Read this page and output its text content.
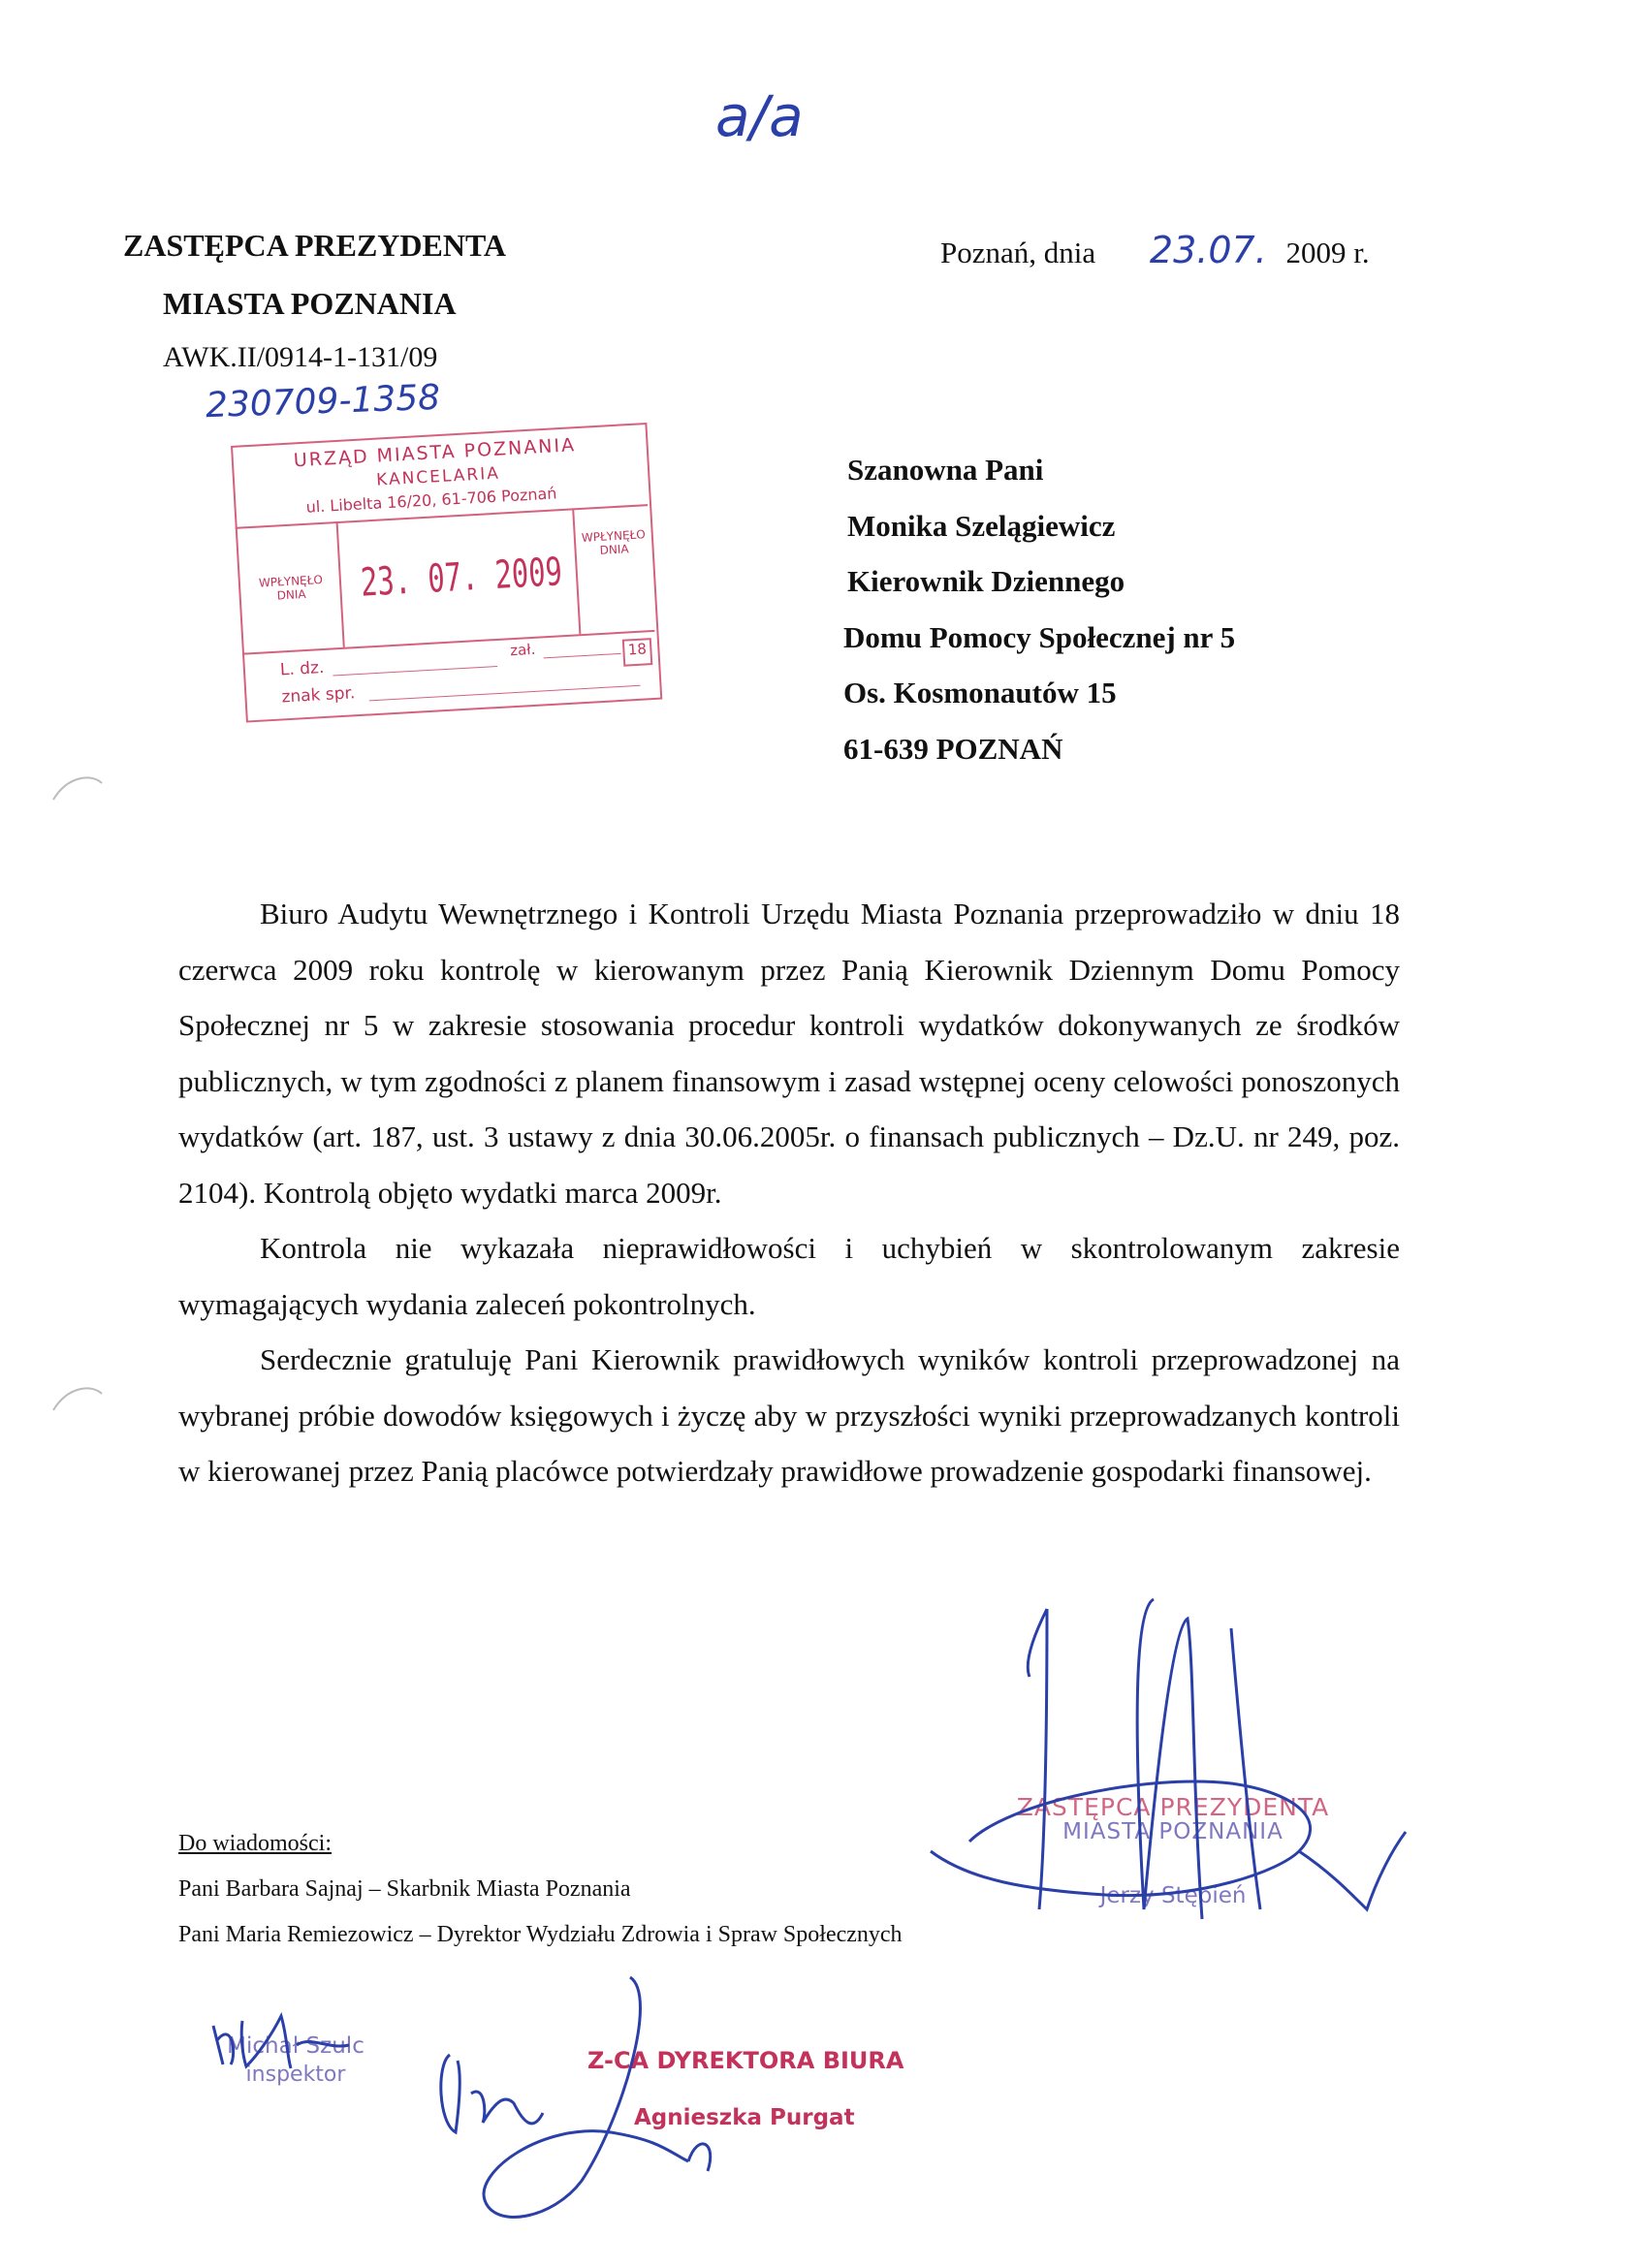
a/a
ZASTĘPCA PREZYDENTA
MIASTA POZNANIA
AWK.II/0914-1-131/09
230709-1358
Poznań, dnia 23.07. 2009 r.
URZĄD MIASTA POZNANIA
KANCELARIA
ul. Libelta 16/20, 61-706 Poznań
WPŁYNĘŁO DNIA	23. 07. 2009
WPŁYNĘŁO DNIA
L. dz.
zał.	18
znak spr.
Szanowna Pani
Monika Szelągiewicz
Kierownik Dziennego
Domu Pomocy Społecznej nr 5
Os. Kosmonautów 15
61-639 POZNAŃ

Biuro Audytu Wewnętrznego i Kontroli Urzędu Miasta Poznania przeprowadziło w dniu 18 czerwca 2009 roku kontrolę w kierowanym przez Panią Kierownik Dziennym Domu Pomocy Społecznej nr 5 w zakresie stosowania procedur kontroli wydatków dokonywanych ze środków publicznych, w tym zgodności z planem finansowym i zasad wstępnej oceny celowości ponoszonych wydatków (art. 187, ust. 3 ustawy z dnia 30.06.2005r. o finansach publicznych – Dz.U. nr 249, poz. 2104). Kontrolą objęto wydatki marca 2009r.

Kontrola nie wykazała nieprawidłowości i uchybień w skontrolowanym zakresie wymagających wydania zaleceń pokontrolnych.

Serdecznie gratuluję Pani Kierownik prawidłowych wyników kontroli przeprowadzonej na wybranej próbie dowodów księgowych i życzę aby w przyszłości wyniki przeprowadzanych kontroli w kierowanej przez Panią placówce potwierdzały prawidłowe prowadzenie gospodarki finansowej.

ZASTĘPCA PREZYDENTA
MIASTA POZNANIA
Jerzy Stępień
Do wiadomości:
Pani Barbara Sajnaj – Skarbnik Miasta Poznania
Pani Maria Remiezowicz – Dyrektor Wydziału Zdrowia i Spraw Społecznych
Michał Szulc
inspektor
Z-CA DYREKTORA BIURA
Agnieszka Purgat
